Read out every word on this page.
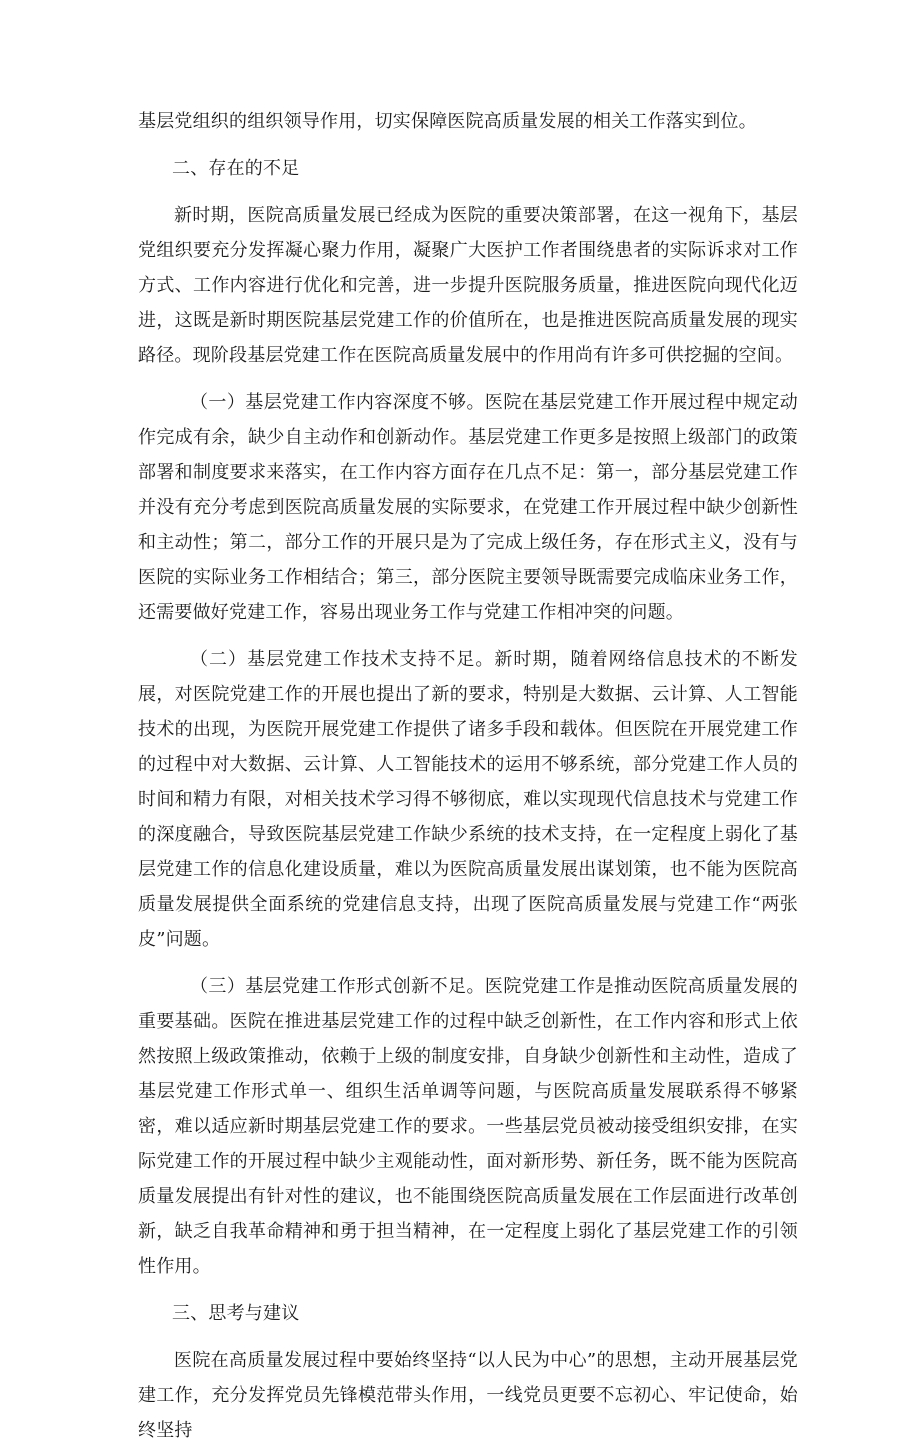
基层党组织的组织领导作用，切实保障医院高质量发展的相关工作落实到位。

二、存在的不足

新时期，医院高质量发展已经成为医院的重要决策部署，在这一视角下，基层党组织要充分发挥凝心聚力作用，凝聚广大医护工作者围绕患者的实际诉求对工作方式、工作内容进行优化和完善，进一步提升医院服务质量，推进医院向现代化迈进，这既是新时期医院基层党建工作的价值所在，也是推进医院高质量发展的现实路径。现阶段基层党建工作在医院高质量发展中的作用尚有许多可供挖掘的空间。

（一）基层党建工作内容深度不够。医院在基层党建工作开展过程中规定动作完成有余，缺少自主动作和创新动作。基层党建工作更多是按照上级部门的政策部署和制度要求来落实，在工作内容方面存在几点不足：第一，部分基层党建工作并没有充分考虑到医院高质量发展的实际要求，在党建工作开展过程中缺少创新性和主动性；第二，部分工作的开展只是为了完成上级任务，存在形式主义，没有与医院的实际业务工作相结合；第三，部分医院主要领导既需要完成临床业务工作，还需要做好党建工作，容易出现业务工作与党建工作相冲突的问题。

（二）基层党建工作技术支持不足。新时期，随着网络信息技术的不断发展，对医院党建工作的开展也提出了新的要求，特别是大数据、云计算、人工智能技术的出现，为医院开展党建工作提供了诸多手段和载体。但医院在开展党建工作的过程中对大数据、云计算、人工智能技术的运用不够系统，部分党建工作人员的时间和精力有限，对相关技术学习得不够彻底，难以实现现代信息技术与党建工作的深度融合，导致医院基层党建工作缺少系统的技术支持，在一定程度上弱化了基层党建工作的信息化建设质量，难以为医院高质量发展出谋划策，也不能为医院高质量发展提供全面系统的党建信息支持，出现了医院高质量发展与党建工作“两张皮”问题。

（三）基层党建工作形式创新不足。医院党建工作是推动医院高质量发展的重要基础。医院在推进基层党建工作的过程中缺乏创新性，在工作内容和形式上依然按照上级政策推动，依赖于上级的制度安排，自身缺少创新性和主动性，造成了基层党建工作形式单一、组织生活单调等问题，与医院高质量发展联系得不够紧密，难以适应新时期基层党建工作的要求。一些基层党员被动接受组织安排，在实际党建工作的开展过程中缺少主观能动性，面对新形势、新任务，既不能为医院高质量发展提出有针对性的建议，也不能围绕医院高质量发展在工作层面进行改革创新，缺乏自我革命精神和勇于担当精神，在一定程度上弱化了基层党建工作的引领性作用。

三、思考与建议

医院在高质量发展过程中要始终坚持“以人民为中心”的思想，主动开展基层党建工作，充分发挥党员先锋模范带头作用，一线党员更要不忘初心、牢记使命，始终坚持
